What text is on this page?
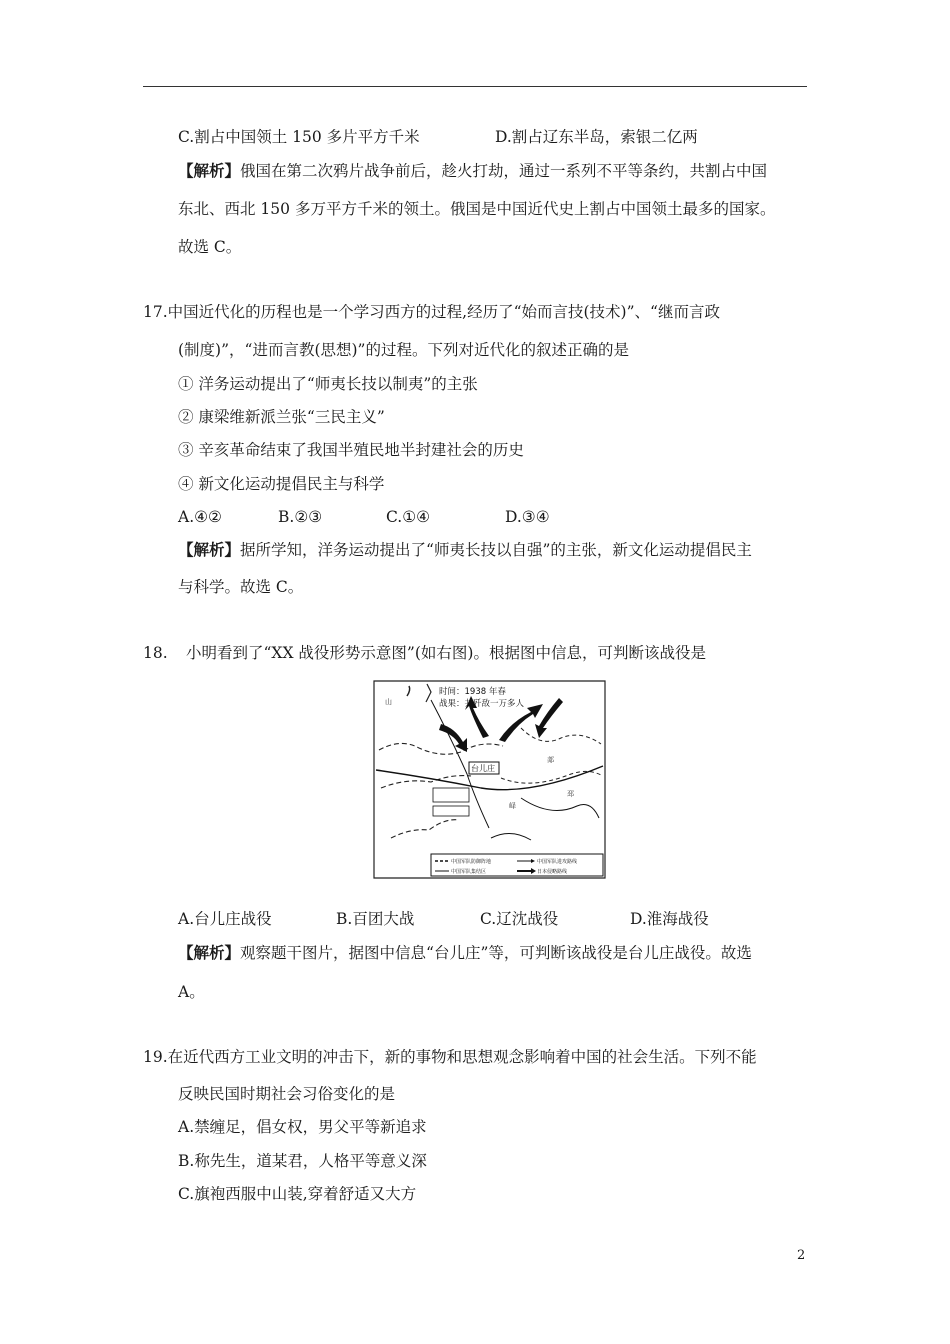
C.割占中国领土 150 多片平方千米	D.割占辽东半岛，索银二亿两
【解析】俄国在第二次鸦片战争前后，趁火打劫，通过一系列不平等条约，共割占中国
东北、西北 150 多万平方千米的领土。俄国是中国近代史上割占中国领土最多的国家。
故选 C。
17.中国近代化的历程也是一个学习西方的过程,经历了“始而言技(技术)”、“继而言政
(制度)”，“进而言教(思想)”的过程。下列对近代化的叙述正确的是
① 洋务运动提出了“师夷长技以制夷”的主张
② 康梁维新派兰张“三民主义”
③ 辛亥革命结束了我国半殖民地半封建社会的历史
④ 新文化运动提倡民主与科学
A.④②	B.②③	C.①④	D.③④
【解析】据所学知，洋务运动提出了“师夷长技以自强”的主张，新文化运动提倡民主
与科学。故选 C。
18. 小明看到了“XX 战役形势示意图”(如右图)。根据图中信息，可判断该战役是
时间：1938 年春
战果：共歼敌一万多人
山
台儿庄
峄
邳
郯
中国军队防御阵地
中国军队集结区
中国军队进攻路线
日本侵略路线
A.台儿庄战役	B.百团大战	C.辽沈战役	D.淮海战役
【解析】观察题干图片，据图中信息“台儿庄”等，可判断该战役是台儿庄战役。故选
A。
19.在近代西方工业文明的冲击下，新的事物和思想观念影响着中国的社会生活。下列不能
反映民国时期社会习俗变化的是
A.禁缠足，倡女权，男父平等新追求
B.称先生，道某君，人格平等意义深
C.旗袍西服中山装,穿着舒适又大方
2
